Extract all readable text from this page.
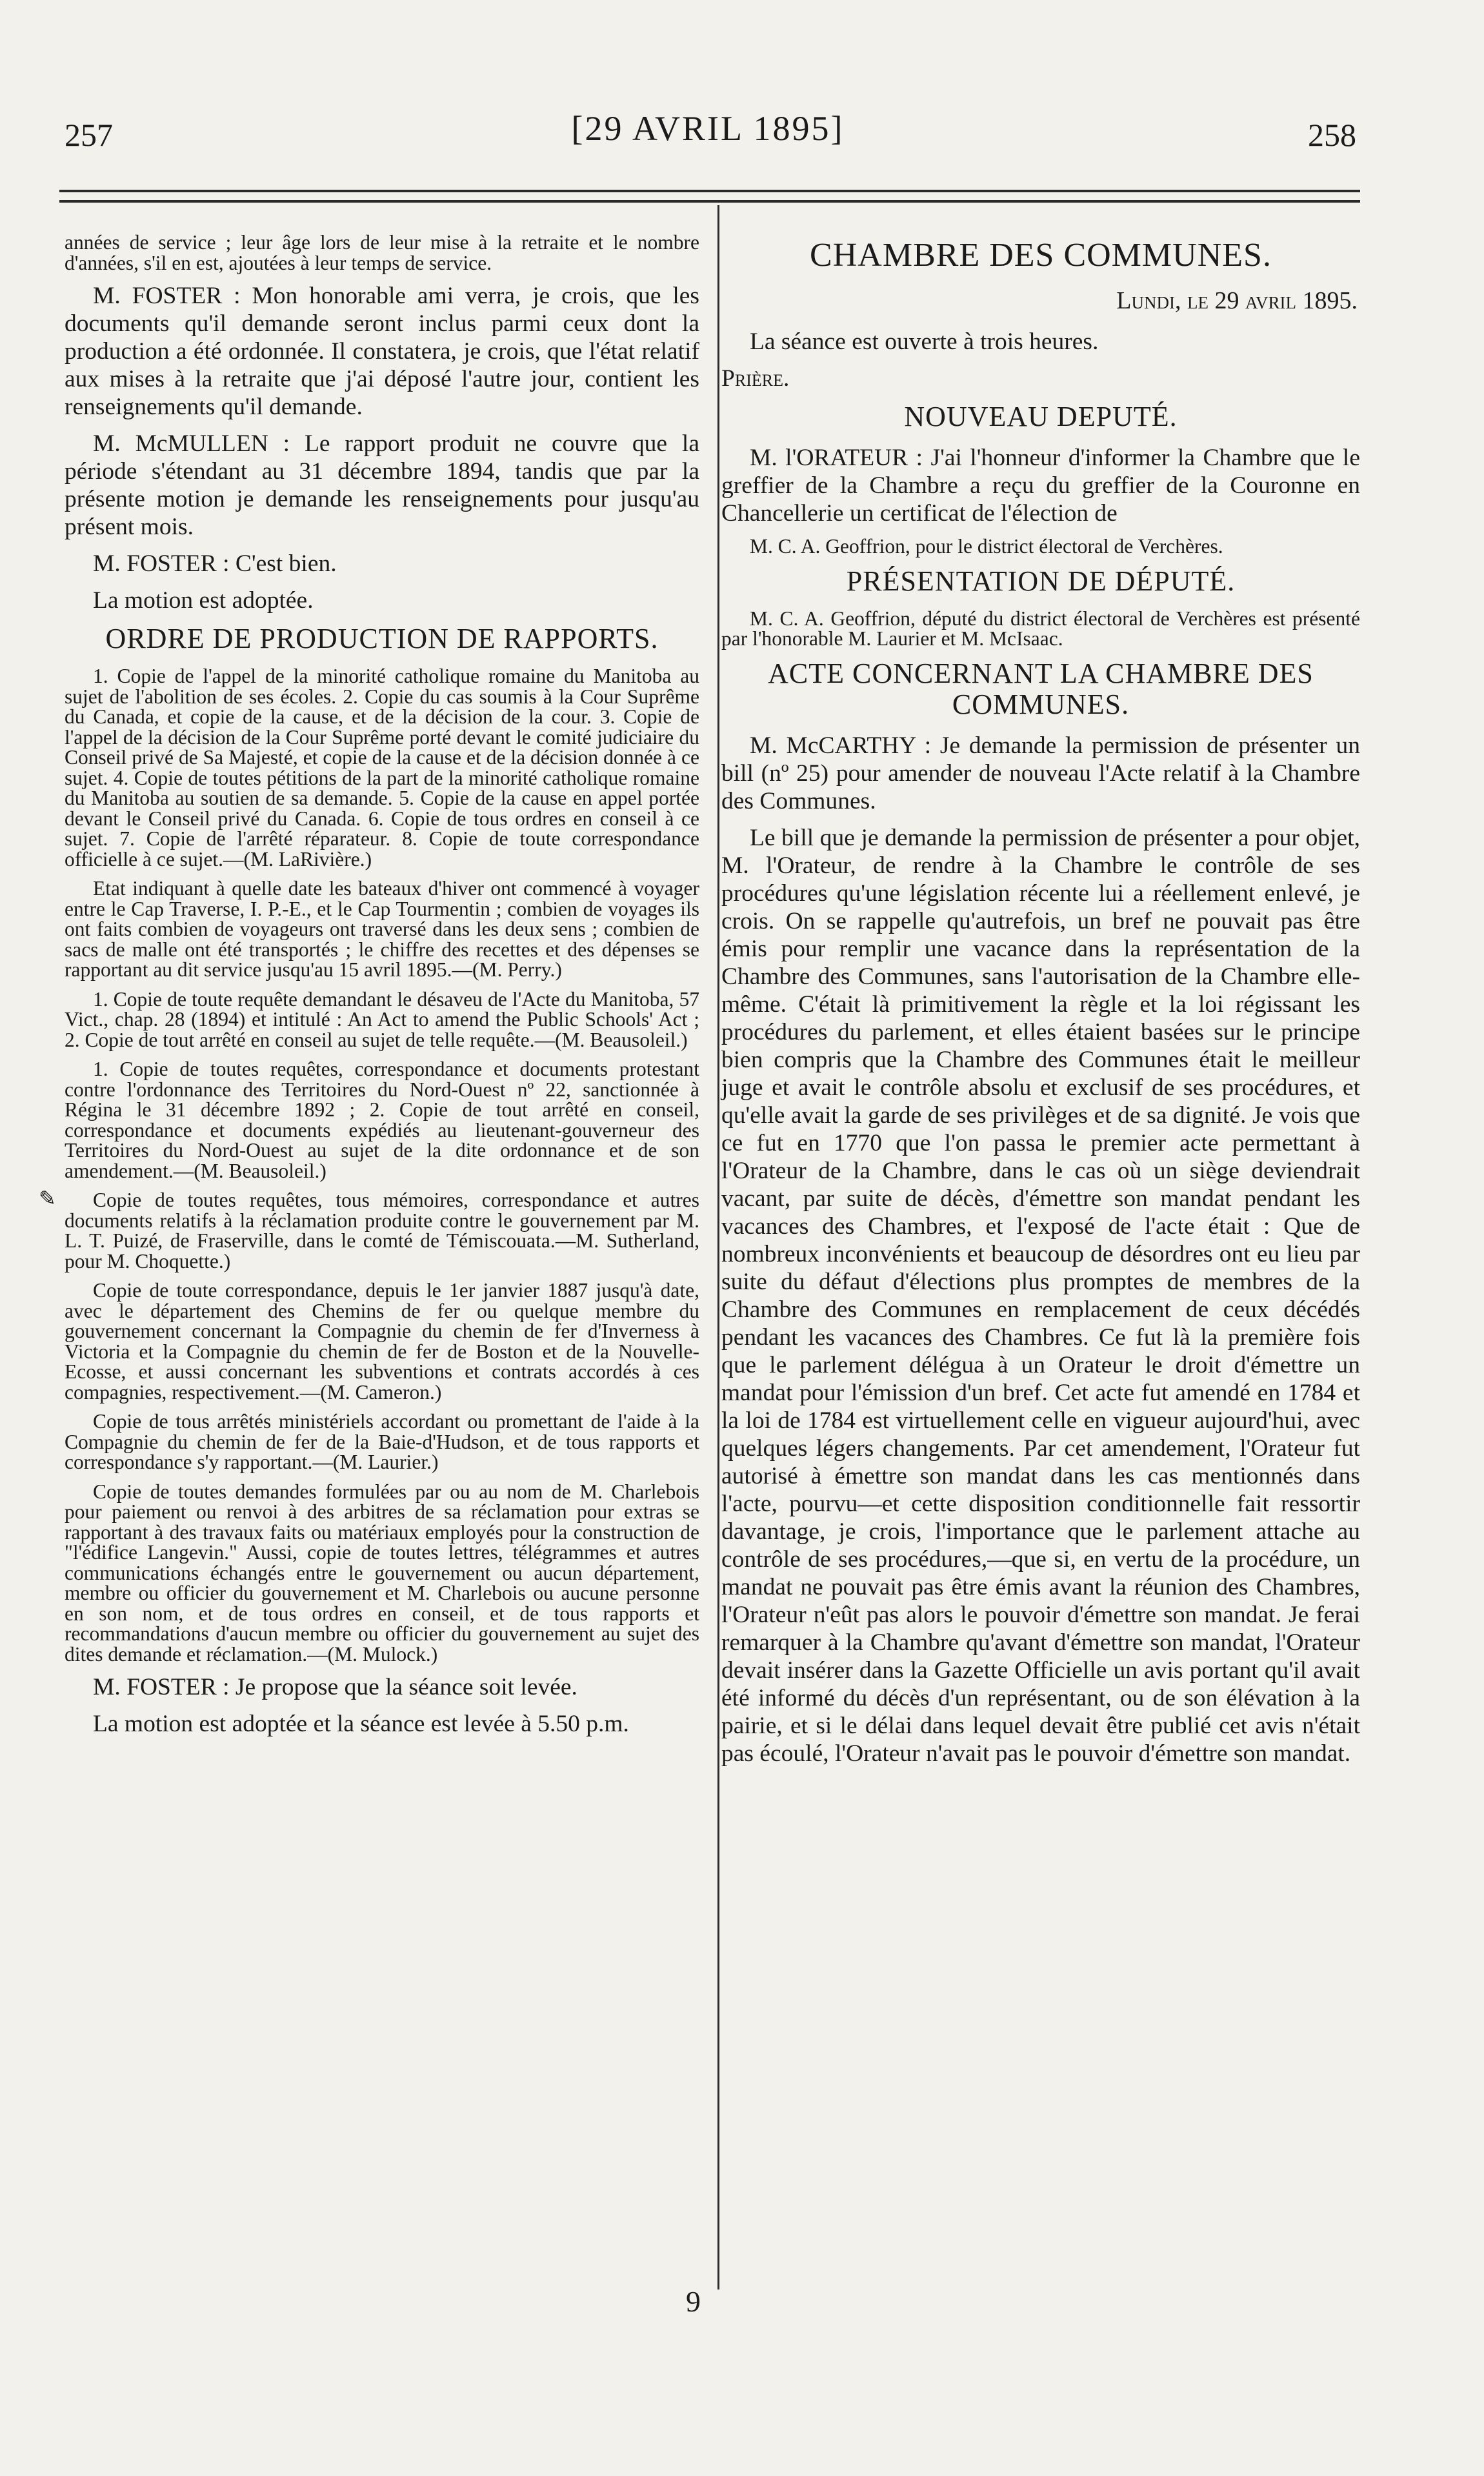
257	[29 AVRIL 1895]	258
✎

années de service ; leur âge lors de leur mise à la retraite et le nombre d'années, s'il en est, ajoutées à leur temps de service.

M. FOSTER : Mon honorable ami verra, je crois, que les documents qu'il demande seront inclus parmi ceux dont la production a été ordonnée. Il constatera, je crois, que l'état relatif aux mises à la retraite que j'ai déposé l'autre jour, contient les renseignements qu'il demande.

M. McMULLEN : Le rapport produit ne couvre que la période s'étendant au 31 décembre 1894, tandis que par la présente motion je demande les renseignements pour jusqu'au présent mois.

M. FOSTER : C'est bien.

La motion est adoptée.

ORDRE DE PRODUCTION DE RAPPORTS.

1. Copie de l'appel de la minorité catholique romaine du Manitoba au sujet de l'abolition de ses écoles. 2. Copie du cas soumis à la Cour Suprême du Canada, et copie de la cause, et de la décision de la cour. 3. Copie de l'appel de la décision de la Cour Suprême porté devant le comité judiciaire du Conseil privé de Sa Majesté, et copie de la cause et de la décision donnée à ce sujet. 4. Copie de toutes pétitions de la part de la minorité catholique romaine du Manitoba au soutien de sa demande. 5. Copie de la cause en appel portée devant le Conseil privé du Canada. 6. Copie de tous ordres en conseil à ce sujet. 7. Copie de l'arrêté réparateur. 8. Copie de toute correspondance officielle à ce sujet.—(M. LaRivière.)

Etat indiquant à quelle date les bateaux d'hiver ont commencé à voyager entre le Cap Traverse, I. P.-E., et le Cap Tourmentin ; combien de voyages ils ont faits combien de voyageurs ont traversé dans les deux sens ; combien de sacs de malle ont été transportés ; le chiffre des recettes et des dépenses se rapportant au dit service jusqu'au 15 avril 1895.—(M. Perry.)

1. Copie de toute requête demandant le désaveu de l'Acte du Manitoba, 57 Vict., chap. 28 (1894) et intitulé : An Act to amend the Public Schools' Act ; 2. Copie de tout arrêté en conseil au sujet de telle requête.—(M. Beausoleil.)

1. Copie de toutes requêtes, correspondance et documents protestant contre l'ordonnance des Territoires du Nord-Ouest nº 22, sanctionnée à Régina le 31 décembre 1892 ; 2. Copie de tout arrêté en conseil, correspondance et documents expédiés au lieutenant-gouverneur des Territoires du Nord-Ouest au sujet de la dite ordonnance et de son amendement.—(M. Beausoleil.)

Copie de toutes requêtes, tous mémoires, correspondance et autres documents relatifs à la réclamation produite contre le gouvernement par M. L. T. Puizé, de Fraserville, dans le comté de Témiscouata.—M. Sutherland, pour M. Choquette.)

Copie de toute correspondance, depuis le 1er janvier 1887 jusqu'à date, avec le département des Chemins de fer ou quelque membre du gouvernement concernant la Compagnie du chemin de fer d'Inverness à Victoria et la Compagnie du chemin de fer de Boston et de la Nouvelle-Ecosse, et aussi concernant les subventions et contrats accordés à ces compagnies, respectivement.—(M. Cameron.)

Copie de tous arrêtés ministériels accordant ou promettant de l'aide à la Compagnie du chemin de fer de la Baie-d'Hudson, et de tous rapports et correspondance s'y rapportant.—(M. Laurier.)

Copie de toutes demandes formulées par ou au nom de M. Charlebois pour paiement ou renvoi à des arbitres de sa réclamation pour extras se rapportant à des travaux faits ou matériaux employés pour la construction de "l'édifice Langevin." Aussi, copie de toutes lettres, télégrammes et autres communications échangés entre le gouvernement ou aucun département, membre ou officier du gouvernement et M. Charlebois ou aucune personne en son nom, et de tous ordres en conseil, et de tous rapports et recommandations d'aucun membre ou officier du gouvernement au sujet des dites demande et réclamation.—(M. Mulock.)

M. FOSTER : Je propose que la séance soit levée.

La motion est adoptée et la séance est levée à 5.50 p.m.

CHAMBRE DES COMMUNES.
Lundi, le 29 avril 1895.

La séance est ouverte à trois heures.

Prière.

NOUVEAU DEPUTÉ.

M. l'ORATEUR : J'ai l'honneur d'informer la Chambre que le greffier de la Chambre a reçu du greffier de la Couronne en Chancellerie un certificat de l'élection de

M. C. A. Geoffrion, pour le district électoral de Verchères.

PRÉSENTATION DE DÉPUTÉ.

M. C. A. Geoffrion, député du district électoral de Verchères est présenté par l'honorable M. Laurier et M. McIsaac.

ACTE CONCERNANT LA CHAMBRE DES COMMUNES.

M. McCARTHY : Je demande la permission de présenter un bill (nº 25) pour amender de nouveau l'Acte relatif à la Chambre des Communes.

Le bill que je demande la permission de présenter a pour objet, M. l'Orateur, de rendre à la Chambre le contrôle de ses procédures qu'une législation récente lui a réellement enlevé, je crois. On se rappelle qu'autrefois, un bref ne pouvait pas être émis pour remplir une vacance dans la représentation de la Chambre des Communes, sans l'autorisation de la Chambre elle-même. C'était là primitivement la règle et la loi régissant les procédures du parlement, et elles étaient basées sur le principe bien compris que la Chambre des Communes était le meilleur juge et avait le contrôle absolu et exclusif de ses procédures, et qu'elle avait la garde de ses privilèges et de sa dignité. Je vois que ce fut en 1770 que l'on passa le premier acte permettant à l'Orateur de la Chambre, dans le cas où un siège deviendrait vacant, par suite de décès, d'émettre son mandat pendant les vacances des Chambres, et l'exposé de l'acte était : Que de nombreux inconvénients et beaucoup de désordres ont eu lieu par suite du défaut d'élections plus promptes de membres de la Chambre des Communes en remplacement de ceux décédés pendant les vacances des Chambres. Ce fut là la première fois que le parlement délégua à un Orateur le droit d'émettre un mandat pour l'émission d'un bref. Cet acte fut amendé en 1784 et la loi de 1784 est virtuellement celle en vigueur aujourd'hui, avec quelques légers changements. Par cet amendement, l'Orateur fut autorisé à émettre son mandat dans les cas mentionnés dans l'acte, pourvu—et cette disposition conditionnelle fait ressortir davantage, je crois, l'importance que le parlement attache au contrôle de ses procédures,—que si, en vertu de la procédure, un mandat ne pouvait pas être émis avant la réunion des Chambres, l'Orateur n'eût pas alors le pouvoir d'émettre son mandat. Je ferai remarquer à la Chambre qu'avant d'émettre son mandat, l'Orateur devait insérer dans la Gazette Officielle un avis portant qu'il avait été informé du décès d'un représentant, ou de son élévation à la pairie, et si le délai dans lequel devait être publié cet avis n'était pas écoulé, l'Orateur n'avait pas le pouvoir d'émettre son mandat.

9
